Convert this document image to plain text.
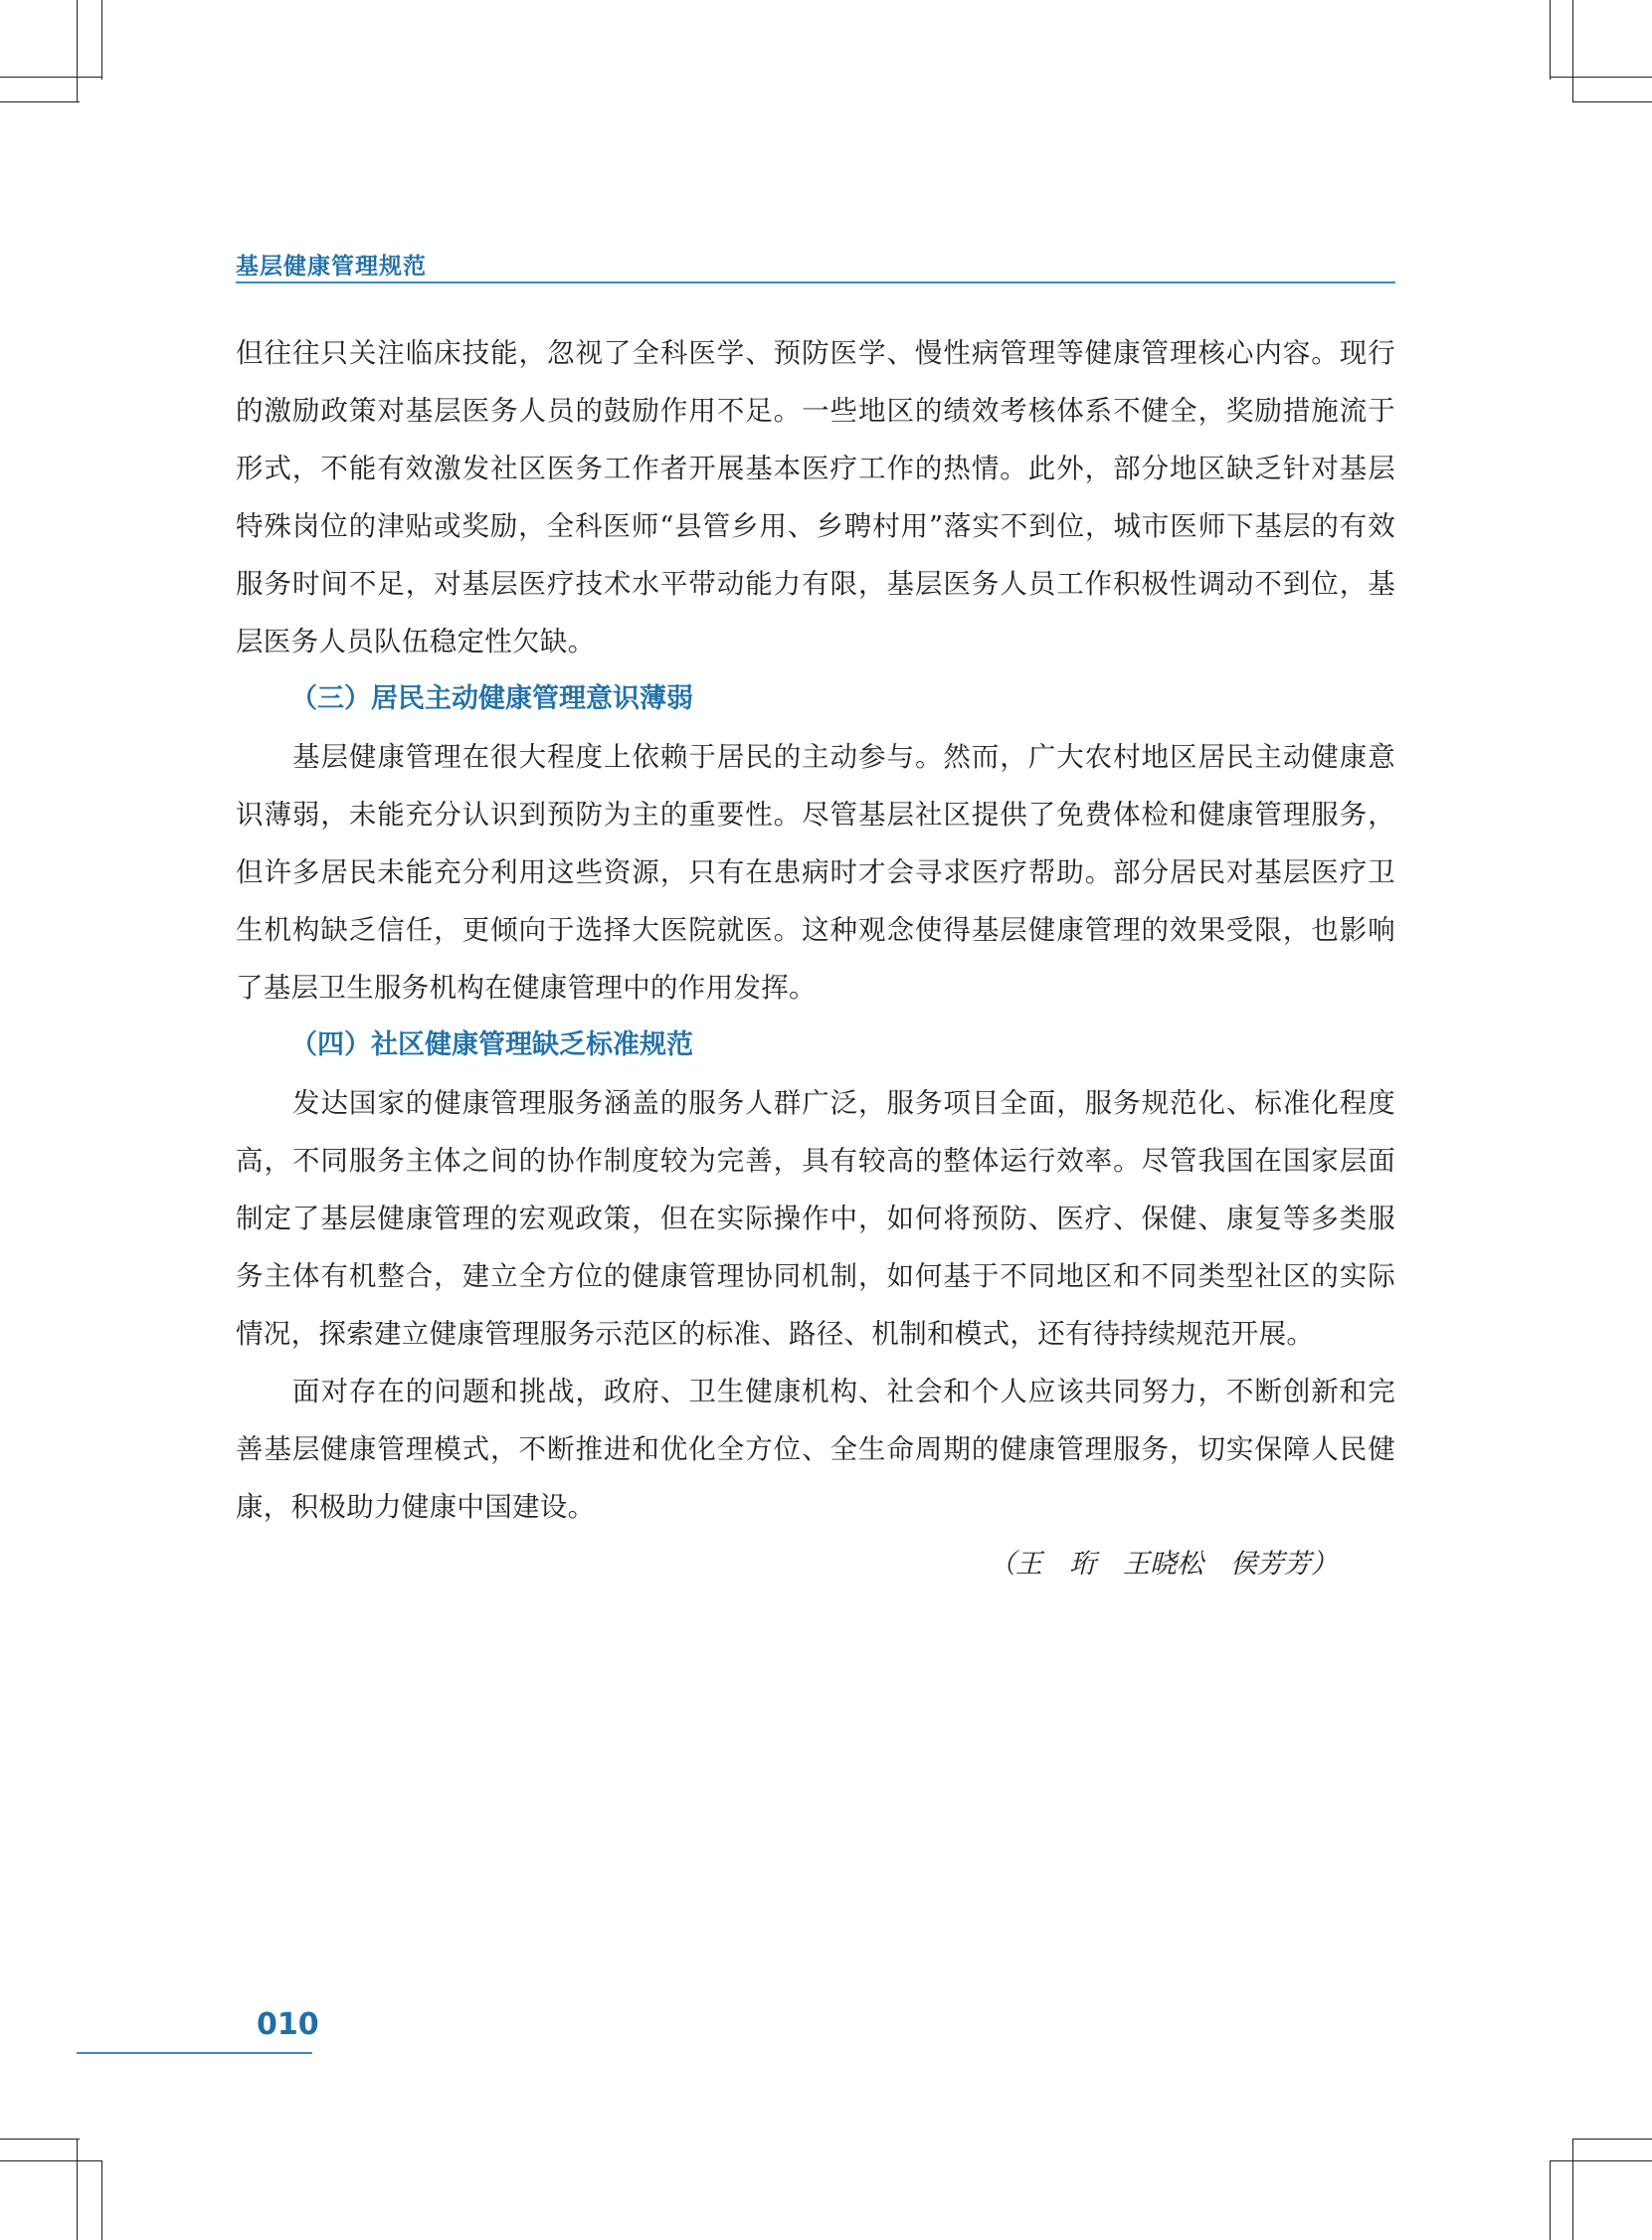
基层健康管理规范

但往往只关注临床技能，忽视了全科医学、预防医学、慢性病管理等健康管理核心内容。现行的激励政策对基层医务人员的鼓励作用不足。一些地区的绩效考核体系不健全，奖励措施流于形式，不能有效激发社区医务工作者开展基本医疗工作的热情。此外，部分地区缺乏针对基层特殊岗位的津贴或奖励，全科医师“县管乡用、乡聘村用”落实不到位，城市医师下基层的有效服务时间不足，对基层医疗技术水平带动能力有限，基层医务人员工作积极性调动不到位，基层医务人员队伍稳定性欠缺。

（三）居民主动健康管理意识薄弱

基层健康管理在很大程度上依赖于居民的主动参与。然而，广大农村地区居民主动健康意识薄弱，未能充分认识到预防为主的重要性。尽管基层社区提供了免费体检和健康管理服务，但许多居民未能充分利用这些资源，只有在患病时才会寻求医疗帮助。部分居民对基层医疗卫生机构缺乏信任，更倾向于选择大医院就医。这种观念使得基层健康管理的效果受限，也影响了基层卫生服务机构在健康管理中的作用发挥。

（四）社区健康管理缺乏标准规范

发达国家的健康管理服务涵盖的服务人群广泛，服务项目全面，服务规范化、标准化程度高，不同服务主体之间的协作制度较为完善，具有较高的整体运行效率。尽管我国在国家层面制定了基层健康管理的宏观政策，但在实际操作中，如何将预防、医疗、保健、康复等多类服务主体有机整合，建立全方位的健康管理协同机制，如何基于不同地区和不同类型社区的实际情况，探索建立健康管理服务示范区的标准、路径、机制和模式，还有待持续规范开展。

面对存在的问题和挑战，政府、卫生健康机构、社会和个人应该共同努力，不断创新和完善基层健康管理模式，不断推进和优化全方位、全生命周期的健康管理服务，切实保障人民健康，积极助力健康中国建设。

（王　珩　王晓松　侯芳芳）

010
